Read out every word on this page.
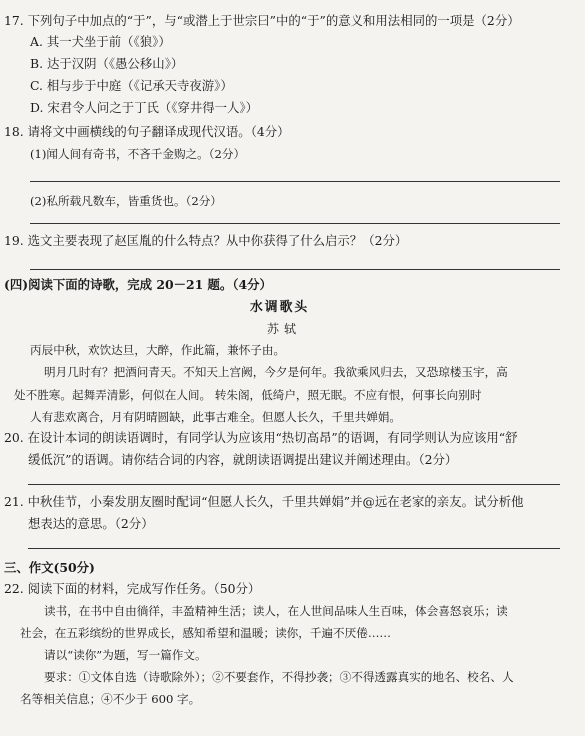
17. 下列句子中加点的“于”，与“或潜上于世宗曰”中的“于”的意义和用法相同的一项是（2分）
A. 其一犬坐于前（《狼》）
B. 达于汉阴（《愚公移山》）
C. 相与步于中庭（《记承天寺夜游》）
D. 宋君令人问之于丁氏（《穿井得一人》）
18. 请将文中画横线的句子翻译成现代汉语。（4分）
(1)闻人间有奇书，不吝千金购之。（2分）
(2)私所载凡数车，皆重货也。（2分）
19. 选文主要表现了赵匡胤的什么特点？从中你获得了什么启示？（2分）
(四)阅读下面的诗歌，完成 20－21 题。（4分）
水调歌头
苏轼
丙辰中秋，欢饮达旦，大醉，作此篇，兼怀子由。
明月几时有？把酒问青天。不知天上宫阙，今夕是何年。我欲乘风归去，又恐琼楼玉宇，高
处不胜寒。起舞弄清影，何似在人间。 转朱阁，低绮户，照无眠。不应有恨，何事长向别时
人有悲欢离合，月有阴晴圆缺，此事古难全。但愿人长久，千里共婵娟。
20. 在设计本词的朗读语调时，有同学认为应该用“热切高昂”的语调，有同学则认为应该用“舒
缓低沉”的语调。请你结合词的内容，就朗读语调提出建议并阐述理由。（2分）
21. 中秋佳节，小秦发朋友圈时配词“但愿人长久，千里共婵娟”并@远在老家的亲友。试分析他
想表达的意思。（2分）
三、作文(50分)
22. 阅读下面的材料，完成写作任务。（50分）
读书，在书中自由徜徉，丰盈精神生活；读人，在人世间品味人生百味，体会喜怒哀乐；读
社会，在五彩缤纷的世界成长，感知希望和温暖；读你，千遍不厌倦……
请以“读你”为题，写一篇作文。
要求：①文体自选（诗歌除外）；②不要套作，不得抄袭；③不得透露真实的地名、校名、人
名等相关信息；④不少于 600 字。
